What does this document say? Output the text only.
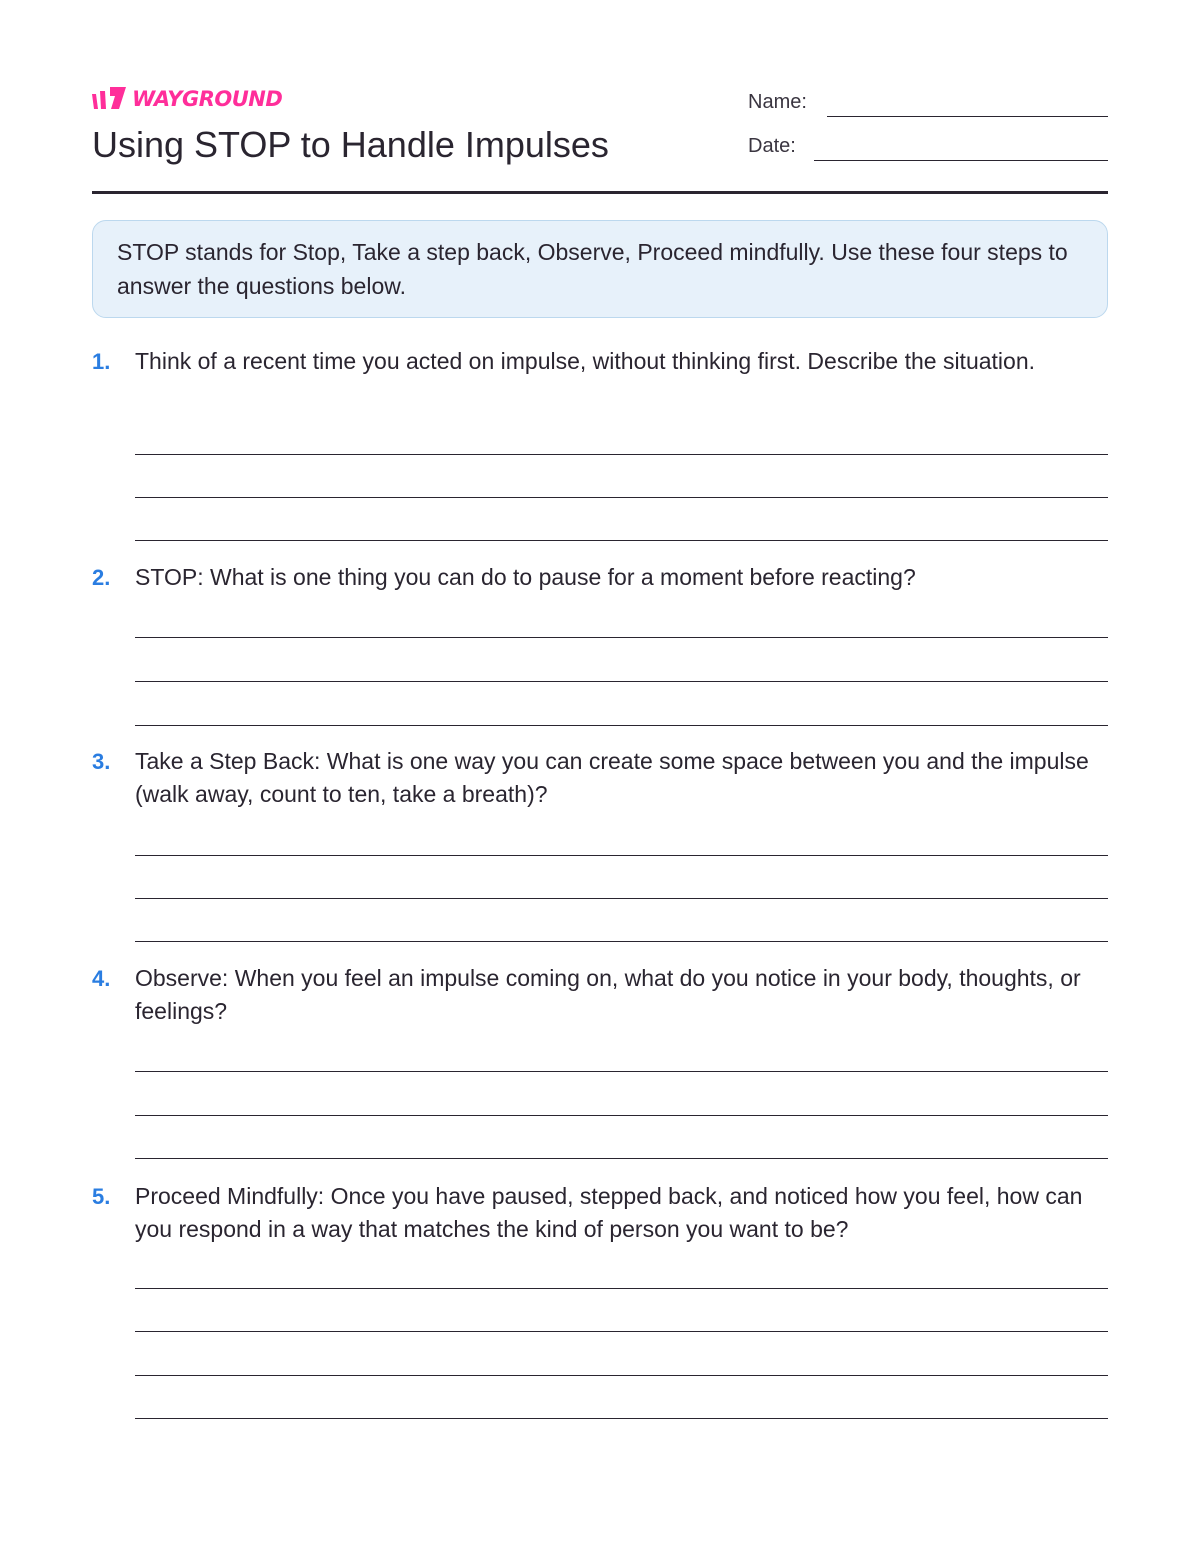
WAYGROUND
Using STOP to Handle Impulses
Name:
Date:
STOP stands for Stop, Take a step back, Observe, Proceed mindfully. Use these four steps to answer the questions below.
1. Think of a recent time you acted on impulse, without thinking first. Describe the situation.
2. STOP: What is one thing you can do to pause for a moment before reacting?
3. Take a Step Back: What is one way you can create some space between you and the impulse (walk away, count to ten, take a breath)?
4. Observe: When you feel an impulse coming on, what do you notice in your body, thoughts, or feelings?
5. Proceed Mindfully: Once you have paused, stepped back, and noticed how you feel, how can you respond in a way that matches the kind of person you want to be?
